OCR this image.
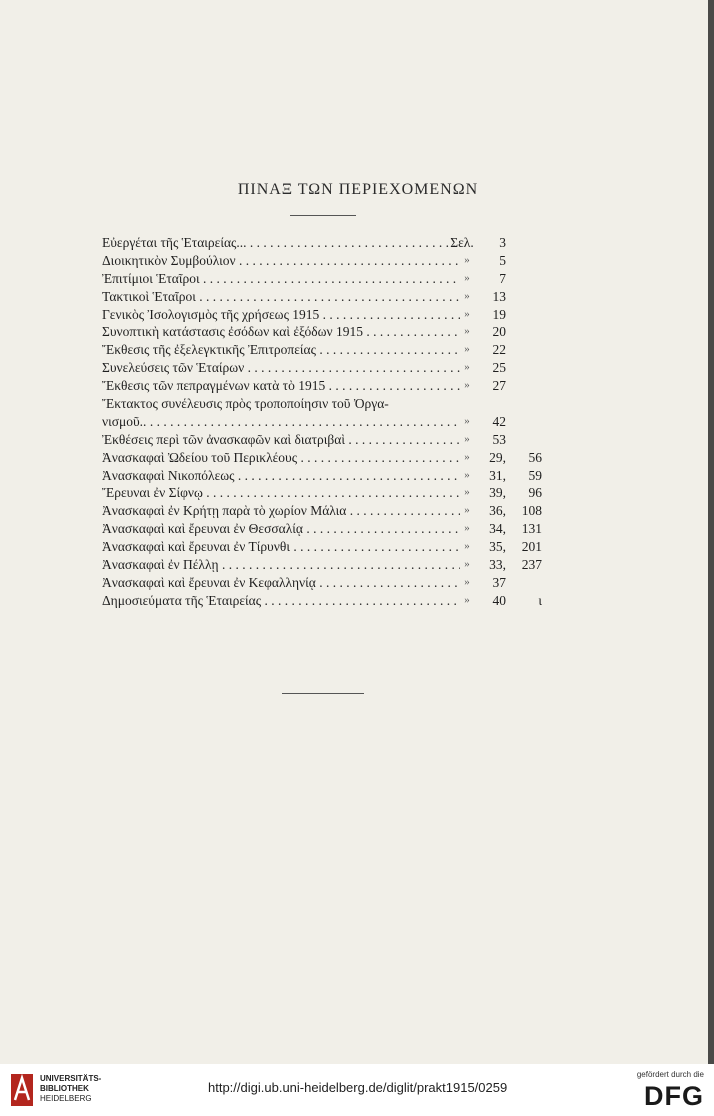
ΠΙΝΑΞ ΤΩΝ ΠΕΡΙΕΧΟΜΕΝΩΝ
Εὐεργέται τῆς Ἑταιρείας... . . .	Σελ.	3
Διοικητικὸν Συμβούλιον . . .	»	5
Ἐπιτίμιοι Ἑταῖροι . . .	»	7
Τακτικοὶ Ἑταῖροι . . .	»	13
Γενικὸς Ἰσολογισμὸς τῆς χρήσεως 1915 . . .	»	19
Συνοπτικὴ κατάστασις ἐσόδων καὶ ἐξόδων 1915 . . .	»	20
Ἔκθεσις τῆς ἐξελεγκτικῆς Ἐπιτροπείας . . .	»	22
Συνελεύσεις τῶν Ἑταίρων . . .	»	25
Ἔκθεσις τῶν πεπραγμένων κατὰ τὸ 1915 . . .	»	27
Ἔκτακτος συνέλευσις πρὸς τροποποίησιν τοῦ Ὀργα-
νισμοῦ.. . . .	»	42
Ἐκθέσεις περὶ τῶν ἀνασκαφῶν καὶ διατριβαὶ . . .	»	53
Ἀνασκαφαὶ Ὠδείου τοῦ Περικλέους . . .	»	29,	56
Ἀνασκαφαὶ Νικοπόλεως . . .	»	31,	59
Ἔρευναι ἐν Σίφνῳ . . .	»	39,	96
Ἀνασκαφαὶ ἐν Κρήτῃ παρὰ τὸ χωρίον Μάλια . . .	»	36,	108
Ἀνασκαφαὶ καὶ ἔρευναι ἐν Θεσσαλίᾳ . . .	»	34,	131
Ἀνασκαφαὶ καὶ ἔρευναι ἐν Τίρυνθι . . .	»	35,	201
Ἀνασκαφαὶ ἐν Πέλλῃ . . .	»	33,	237
Ἀνασκαφαὶ καὶ ἔρευναι ἐν Κεφαλληνίᾳ . . .	»	37
Δημοσιεύματα τῆς Ἑταιρείας . . .	»	40	ι
UNIVERSITÄTS-
BIBLIOTHEK
HEIDELBERG
http://digi.ub.uni-heidelberg.de/diglit/prakt1915/0259
gefördert durch die
DFG
